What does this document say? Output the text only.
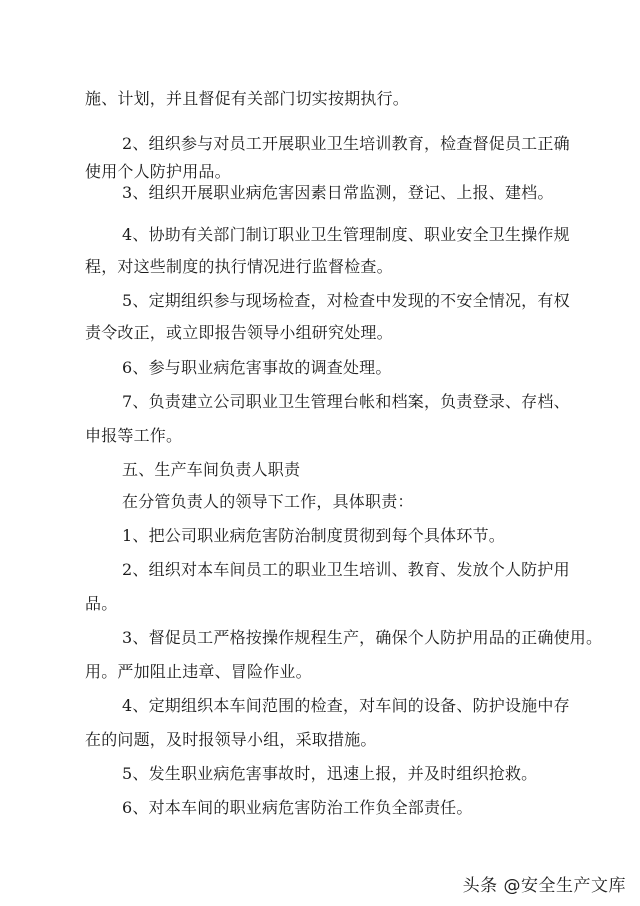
施、计划，并且督促有关部门切实按期执行。
2、组织参与对员工开展职业卫生培训教育，检查督促员工正确
使用个人防护用品。
3、组织开展职业病危害因素日常监测，登记、上报、建档。
4、协助有关部门制订职业卫生管理制度、职业安全卫生操作规
程，对这些制度的执行情况进行监督检查。
5、定期组织参与现场检查，对检查中发现的不安全情况，有权
责令改正，或立即报告领导小组研究处理。
6、参与职业病危害事故的调查处理。
7、负责建立公司职业卫生管理台帐和档案，负责登录、存档、
申报等工作。
五、生产车间负责人职责
在分管负责人的领导下工作，具体职责：
1、把公司职业病危害防治制度贯彻到每个具体环节。
2、组织对本车间员工的职业卫生培训、教育、发放个人防护用
品。
3、督促员工严格按操作规程生产，确保个人防护用品的正确使用。
用。严加阻止违章、冒险作业。
4、定期组织本车间范围的检查，对车间的设备、防护设施中存
在的问题，及时报领导小组，采取措施。
5、发生职业病危害事故时，迅速上报，并及时组织抢救。
6、对本车间的职业病危害防治工作负全部责任。
头条 @安全生产文库
